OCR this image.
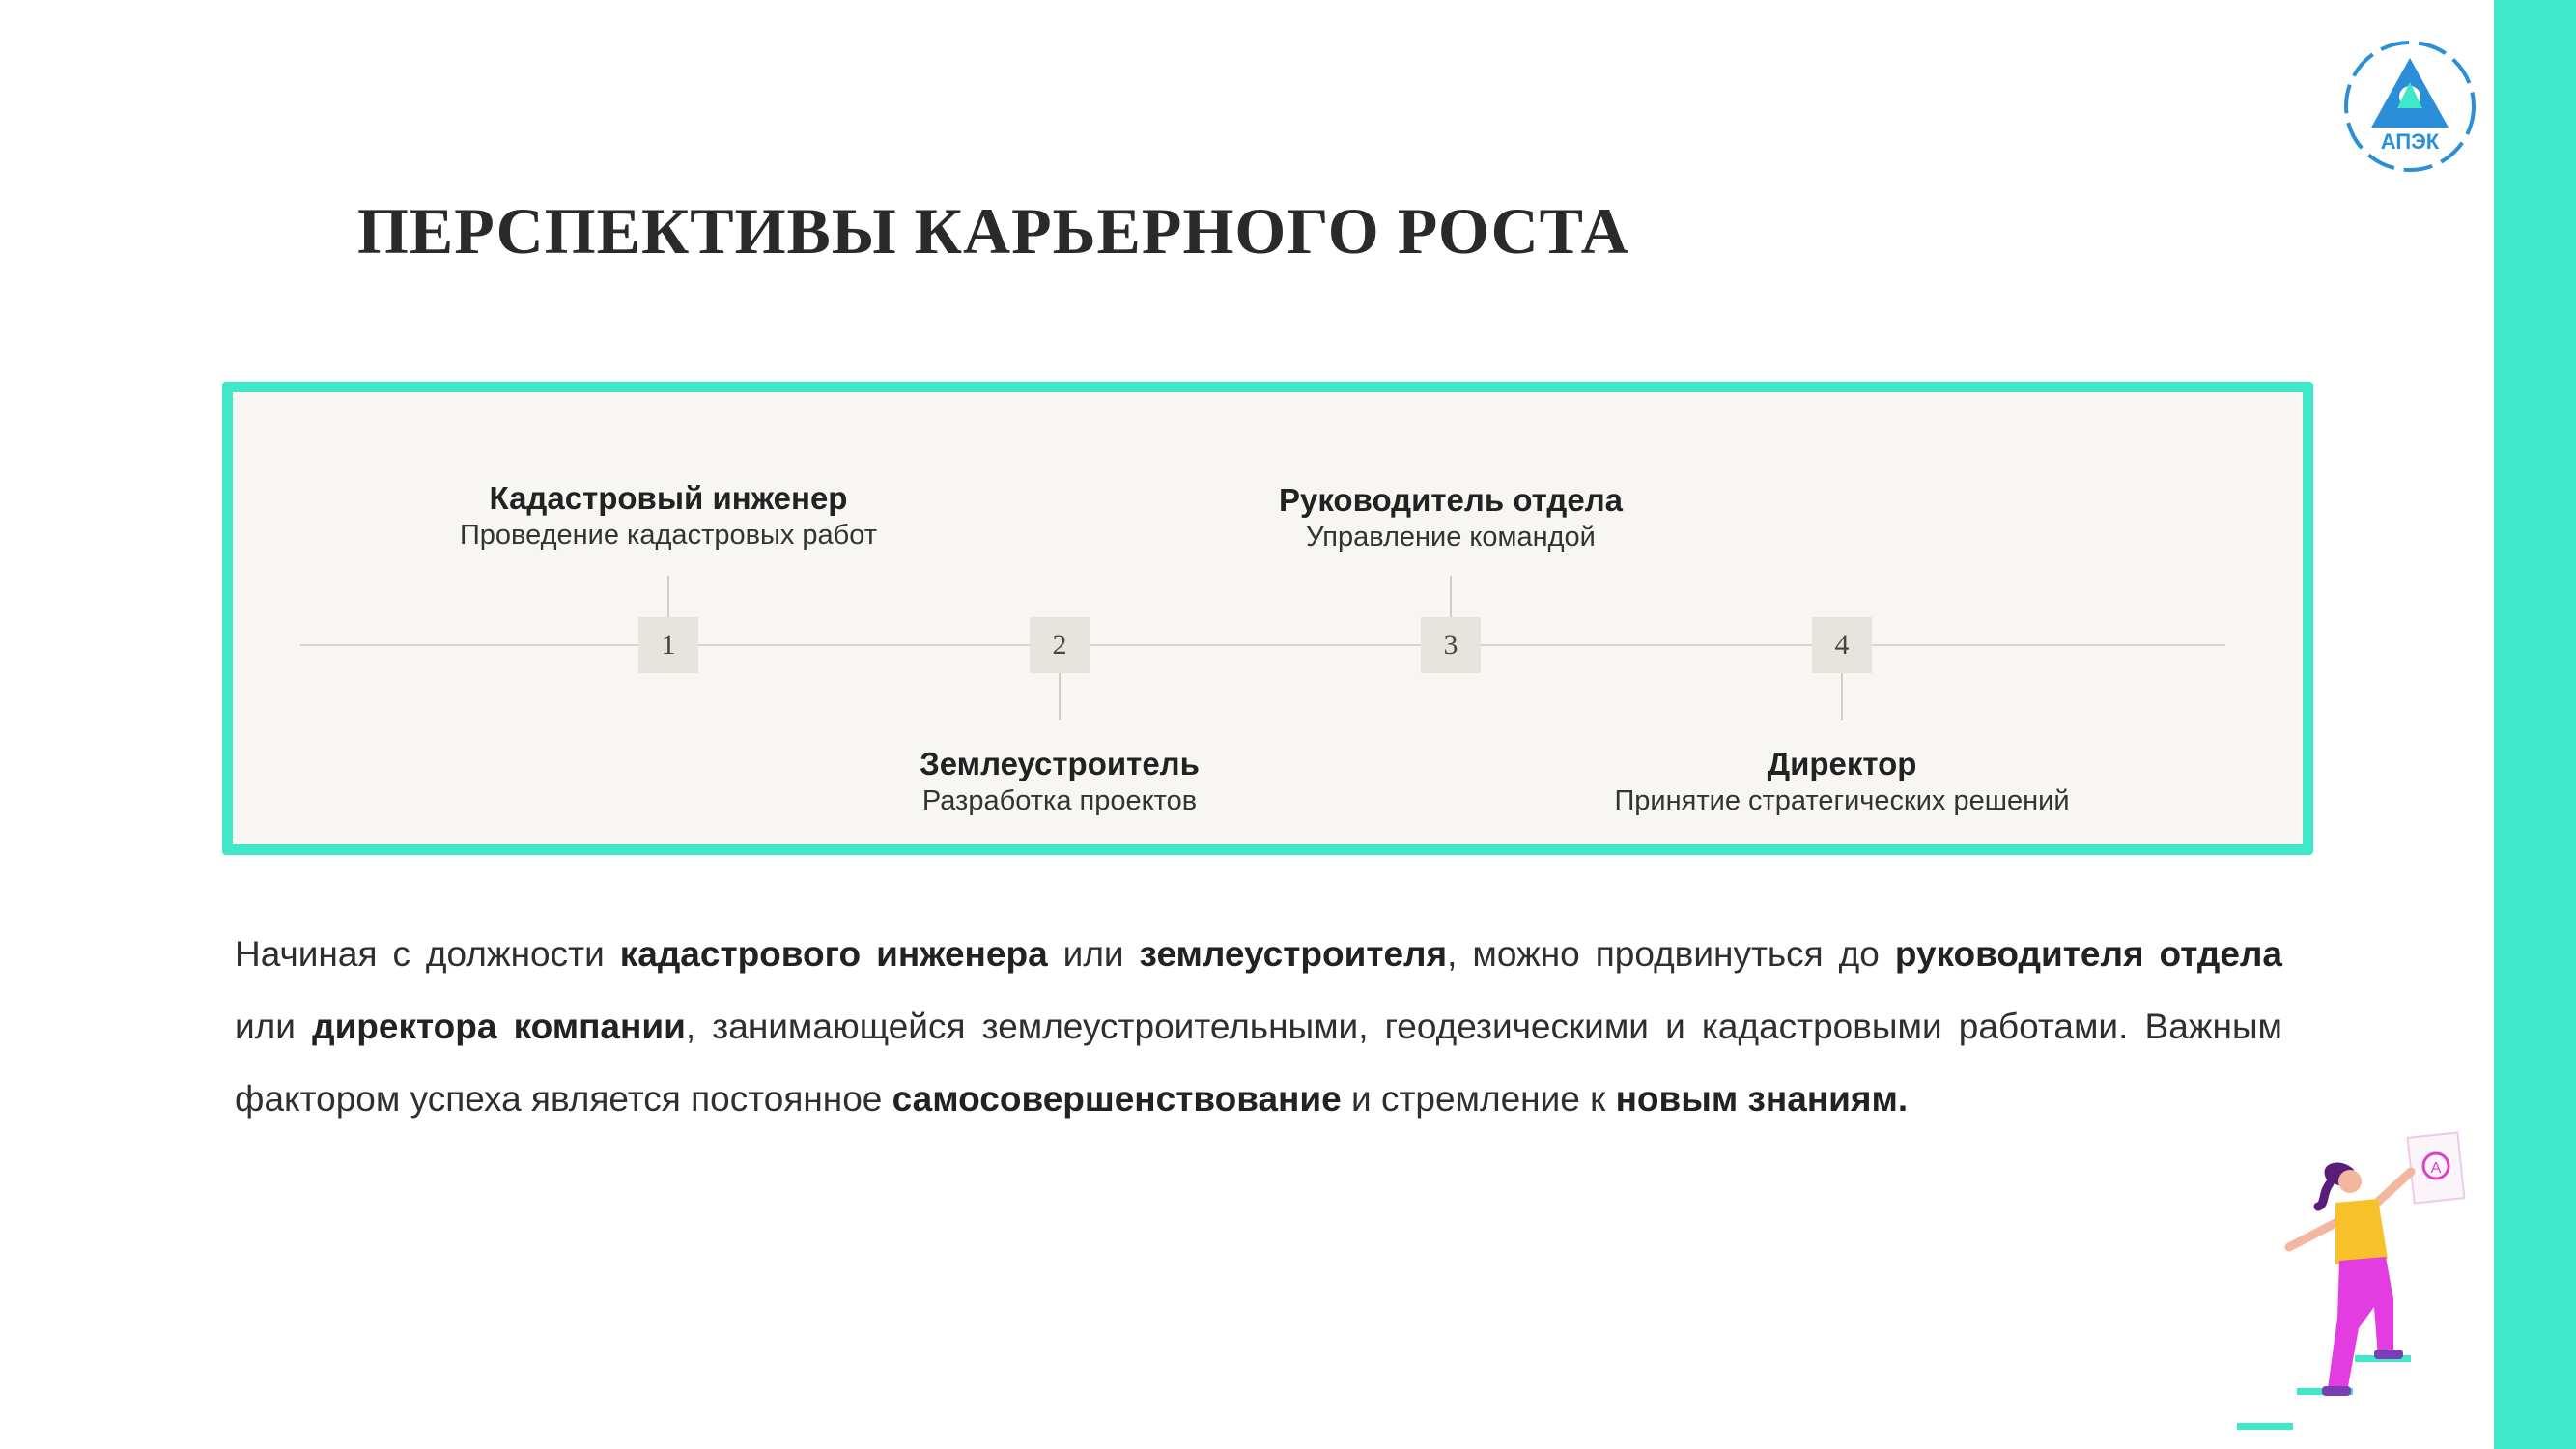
АПЭК
ПЕРСПЕКТИВЫ КАРЬЕРНОГО РОСТА
1
Кадастровый инженер
Проведение кадастровых работ
2
Землеустроитель
Разработка проектов
3
Руководитель отдела
Управление командой
4
Директор
Принятие стратегических решений

Начиная с должности кадастрового инженера или землеустроителя, можно продвинуться до руководителя отдела или директора компании, занимающейся землеустроительными, геодезическими и кадастровыми работами. Важным фактором успеха является постоянное самосовершенствование и стремление к новым знаниям.

A
